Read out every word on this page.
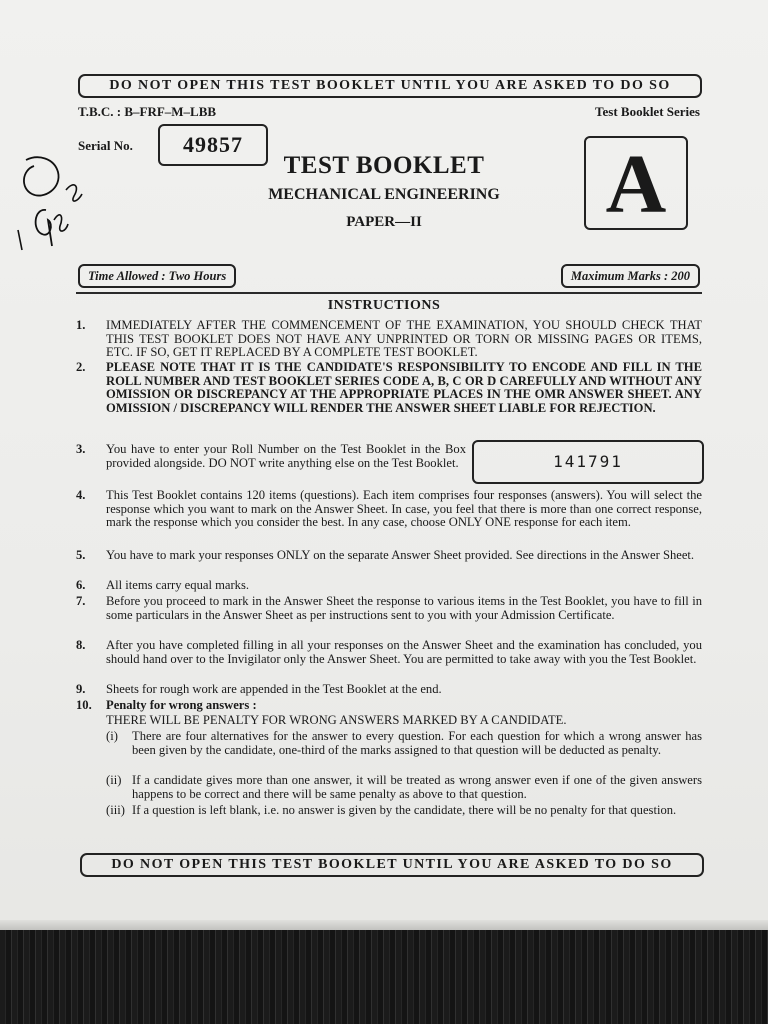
DO NOT OPEN THIS TEST BOOKLET UNTIL YOU ARE ASKED TO DO SO
T.B.C. : B–FRF–M–LBB	Test Booklet Series
Serial No.	49857	A
TEST BOOKLET
MECHANICAL ENGINEERING
PAPER—II
Time Allowed : Two Hours	Maximum Marks : 200
INSTRUCTIONS
141791
1. IMMEDIATELY AFTER THE COMMENCEMENT OF THE EXAMINATION, YOU SHOULD CHECK THAT THIS TEST BOOKLET DOES NOT HAVE ANY UNPRINTED OR TORN OR MISSING PAGES OR ITEMS, ETC. IF SO, GET IT REPLACED BY A COMPLETE TEST BOOKLET.
2. PLEASE NOTE THAT IT IS THE CANDIDATE'S RESPONSIBILITY TO ENCODE AND FILL IN THE ROLL NUMBER AND TEST BOOKLET SERIES CODE A, B, C OR D CAREFULLY AND WITHOUT ANY OMISSION OR DISCREPANCY AT THE APPROPRIATE PLACES IN THE OMR ANSWER SHEET. ANY OMISSION / DISCREPANCY WILL RENDER THE ANSWER SHEET LIABLE FOR REJECTION.
3. You have to enter your Roll Number on the Test Booklet in the Box provided alongside. DO NOT write anything else on the Test Booklet.
4. This Test Booklet contains 120 items (questions). Each item comprises four responses (answers). You will select the response which you want to mark on the Answer Sheet. In case, you feel that there is more than one correct response, mark the response which you consider the best. In any case, choose ONLY ONE response for each item.
5. You have to mark your responses ONLY on the separate Answer Sheet provided. See directions in the Answer Sheet.
6. All items carry equal marks.
7. Before you proceed to mark in the Answer Sheet the response to various items in the Test Booklet, you have to fill in some particulars in the Answer Sheet as per instructions sent to you with your Admission Certificate.
8. After you have completed filling in all your responses on the Answer Sheet and the examination has concluded, you should hand over to the Invigilator only the Answer Sheet. You are permitted to take away with you the Test Booklet.
9. Sheets for rough work are appended in the Test Booklet at the end.
10. Penalty for wrong answers :
THERE WILL BE PENALTY FOR WRONG ANSWERS MARKED BY A CANDIDATE.
(i) There are four alternatives for the answer to every question. For each question for which a wrong answer has been given by the candidate, one-third of the marks assigned to that question will be deducted as penalty.
(ii) If a candidate gives more than one answer, it will be treated as wrong answer even if one of the given answers happens to be correct and there will be same penalty as above to that question.
(iii) If a question is left blank, i.e. no answer is given by the candidate, there will be no penalty for that question.
DO NOT OPEN THIS TEST BOOKLET UNTIL YOU ARE ASKED TO DO SO
